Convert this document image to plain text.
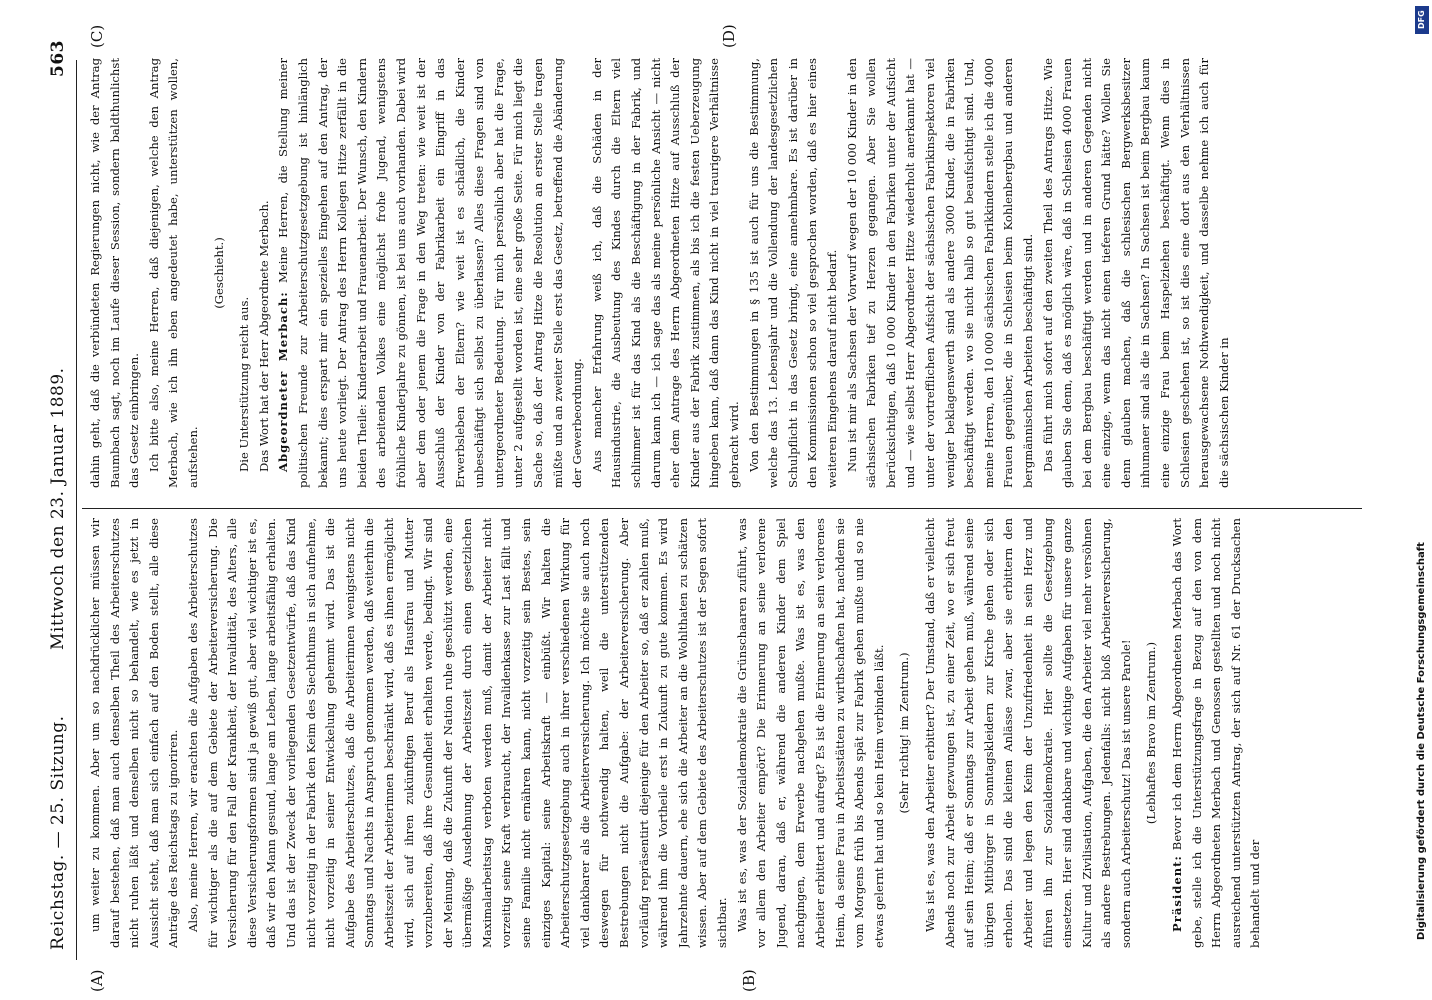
Reichstag. — 25. Sitzung.
Mittwoch den 23. Januar 1889.
563
(A)	(B)
(C)	(D)

um weiter zu kommen. Aber um so nachdrücklicher müssen wir darauf bestehen, daß man auch denselben Theil des Arbeiterschutzes nicht ruhen läßt und denselben nicht so behandelt, wie es jetzt in Aussicht steht, daß man sich einfach auf den Boden stellt, alle diese Anträge des Reichstags zu ignoriren. Also, meine Herren, wir erachten die Aufgaben des Arbeiterschutzes für wichtiger als die auf dem Gebiete der Arbeiterversicherung. Die Versicherung für den Fall der Krankheit, der Invalidität, des Alters, alle diese Versicherungsformen sind ja gewiß gut, aber viel wichtiger ist es, daß wir den Mann gesund, lange am Leben, lange arbeitsfähig erhalten. Und das ist der Zweck der vorliegenden Gesetzentwürfe, daß das Kind nicht vorzeitig in der Fabrik den Keim des Siechthums in sich aufnehme, nicht vorzeitig in seiner Entwickelung gehemmt wird. Das ist die Aufgabe des Arbeiterschutzes, daß die Arbeiterinnen wenigstens nicht Sonntags und Nachts in Anspruch genommen werden, daß weiterhin die Arbeitszeit der Arbeiterinnen beschränkt wird, daß es ihnen ermöglicht wird, sich auf ihren zukünftigen Beruf als Hausfrau und Mutter vorzubereiten, daß ihre Gesundheit erhalten werde, bedingt. Wir sind der Meinung, daß die Zukunft der Nation ruhe geschützt werden, eine übermäßige Ausdehnung der Arbeitszeit durch einen gesetzlichen Maximalarbeitstag verboten werden muß, damit der Arbeiter nicht vorzeitig seine Kraft verbraucht, der Invalidenkasse zur Last fällt und seine Familie nicht ernähren kann, nicht vorzeitig sein Bestes, sein einziges Kapital: seine Arbeitskraft — einbüßt. Wir halten die Arbeiterschutzgesetzgebung auch in ihrer verschiedenen Wirkung für viel dankbarer als die Arbeiterversicherung. Ich möchte sie auch noch deswegen für nothwendig halten, weil die unterstützenden Bestrebungen nicht die Aufgabe: der Arbeiterversicherung. Aber vorläufig repräsentirt diejenige für den Arbeiter so, daß er zahlen muß, während ihm die Vortheile erst in Zukunft zu gute kommen. Es wird Jahrzehnte dauern, ehe sich die Arbeiter an die Wohlthaten zu schätzen wissen. Aber auf dem Gebiete des Arbeiterschutzes ist der Segen sofort sichtbar. Was ist es, was der Sozialdemokratie die Grünschaaren zuführt, was vor allem den Arbeiter empört? Die Erinnerung an seine verlorene Jugend, daran, daß er, während die anderen Kinder dem Spiel nachgingen, dem Erwerbe nachgehen mußte. Was ist es, was den Arbeiter erbittert und aufregt? Es ist die Erinnerung an sein verlorenes Heim, da seine Frau in Arbeitsstätten zu wirthschaften hat, nachdem sie vom Morgens früh bis Abends spät zur Fabrik gehen mußte und so nie etwas gelernt hat und so kein Heim verbinden läßt. (Sehr richtig! im Zentrum.) Was ist es, was den Arbeiter erbittert? Der Umstand, daß er vielleicht Abends noch zur Arbeit gezwungen ist, zu einer Zeit, wo er sich freut auf sein Heim; daß er Sonntags zur Arbeit gehen muß, während seine übrigen Mitbürger in Sonntagskleidern zur Kirche gehen oder sich erholen. Das sind die kleinen Anlässe zwar, aber sie erbittern den Arbeiter und legen den Keim der Unzufriedenheit in sein Herz und führen ihn zur Sozialdemokratie. Hier sollte die Gesetzgebung einsetzen. Hier sind dankbare und wichtige Aufgaben für unsere ganze Kultur und Zivilisation, Aufgaben, die den Arbeiter viel mehr versöhnen als andere Bestrebungen. Jedenfalls: nicht bloß Arbeiterversicherung, sondern auch Arbeiterschutz! Das ist unsere Parole! (Lebhaftes Bravo im Zentrum.)

Präsident: Bevor ich dem Herrn Abgeordneten Merbach das Wort gebe, stelle ich die Unterstützungsfrage in Bezug auf den von dem Herrn Abgeordneten Merbach und Genossen gestellten und noch nicht ausreichend unterstützten Antrag, der sich auf Nr. 61 der Drucksachen behandelt und der

dahin geht, daß die verbündeten Regierungen nicht, wie der Antrag Baumbach sagt, noch im Laufe dieser Session, sondern baldthunlichst das Gesetz einbringen. Ich bitte also, meine Herren, daß diejenigen, welche den Antrag Merbach, wie ich ihn eben angedeutet habe, unterstützen wollen, aufstehen.

(Geschieht.)

Die Unterstützung reicht aus. Das Wort hat der Herr Abgeordnete Merbach. Abgeordneter Merbach: Meine Herren, die Stellung meiner politischen Freunde zur Arbeiterschutzgesetzgebung ist hinlänglich bekannt; dies erspart mir ein spezielles Eingehen auf den Antrag, der uns heute vorliegt. Der Antrag des Herrn Kollegen Hitze zerfällt in die beiden Theile: Kinderarbeit und Frauenarbeit. Der Wunsch, den Kindern des arbeitenden Volkes eine möglichst frohe Jugend, wenigstens fröhliche Kinderjahre zu gönnen, ist bei uns auch vorhanden. Dabei wird aber dem oder jenem die Frage in den Weg treten: wie weit ist der Ausschluß der Kinder von der Fabrikarbeit ein Eingriff in das Erwerbsleben der Eltern? wie weit ist es schädlich, die Kinder unbeschäftigt sich selbst zu überlassen? Alles diese Fragen sind von untergeordneter Bedeutung. Für mich persönlich aber hat die Frage, unter 2 aufgestellt worden ist, eine sehr große Seite. Für mich liegt die Sache so, daß der Antrag Hitze die Resolution an erster Stelle tragen müßte und an zweiter Stelle erst das Gesetz, betreffend die Abänderung der Gewerbeordnung. Aus mancher Erfahrung weiß ich, daß die Schäden in der Hausindustrie, die Ausbeutung des Kindes durch die Eltern viel schlimmer ist für das Kind als die Beschäftigung in der Fabrik, und darum kann ich — ich sage das als meine persönliche Ansicht — nicht eher dem Antrage des Herrn Abgeordneten Hitze auf Ausschluß der Kinder aus der Fabrik zustimmen, als bis ich die festen Ueberzeugung hingeben kann, daß dann das Kind nicht in viel traurigere Verhältnisse gebracht wird. Von den Bestimmungen in § 135 ist auch für uns die Bestimmung, welche das 13. Lebensjahr und die Vollendung der landesgesetzlichen Schulpflicht in das Gesetz bringt, eine annehmbare. Es ist darüber in den Kommissionen schon so viel gesprochen worden, daß es hier eines weiteren Eingehens darauf nicht bedarf. Nun ist mir als Sachsen der Vorwurf wegen der 10 000 Kinder in den sächsischen Fabriken tief zu Herzen gegangen. Aber Sie wollen berücksichtigen, daß 10 000 Kinder in den Fabriken unter der Aufsicht und — wie selbst Herr Abgeordneter Hitze wiederholt anerkannt hat — unter der vortrefflichen Aufsicht der sächsischen Fabrikinspektoren viel weniger beklagenswerth sind als andere 3000 Kinder, die in Fabriken beschäftigt werden. wo sie nicht halb so gut beaufsichtigt sind. Und, meine Herren, den 10 000 sächsischen Fabrikkindern stelle ich die 4000 Frauen gegenüber, die in Schlesien beim Kohlenbergbau und anderen bergmännischen Arbeiten beschäftigt sind. Das führt mich sofort auf den zweiten Theil des Antrags Hitze. Wie glauben Sie denn, daß es möglich wäre, daß in Schlesien 4000 Frauen bei dem Bergbau beschäftigt werden und in anderen Gegenden nicht eine einzige, wenn das nicht einen tieferen Grund hätte? Wollen Sie denn glauben machen, daß die schlesischen Bergwerksbesitzer inhumaner sind als die in Sachsen? In Sachsen ist beim Bergbau kaum eine einzige Frau beim Haspelziehen beschäftigt. Wenn dies in Schlesien geschehen ist, so ist dies eine dort aus den Verhältnissen herausgewachsene Nothwendigkeit, und dasselbe nehme ich auch für die sächsischen Kinder in

DFG
Digitalisierung gefördert durch die Deutsche Forschungsgemeinschaft
